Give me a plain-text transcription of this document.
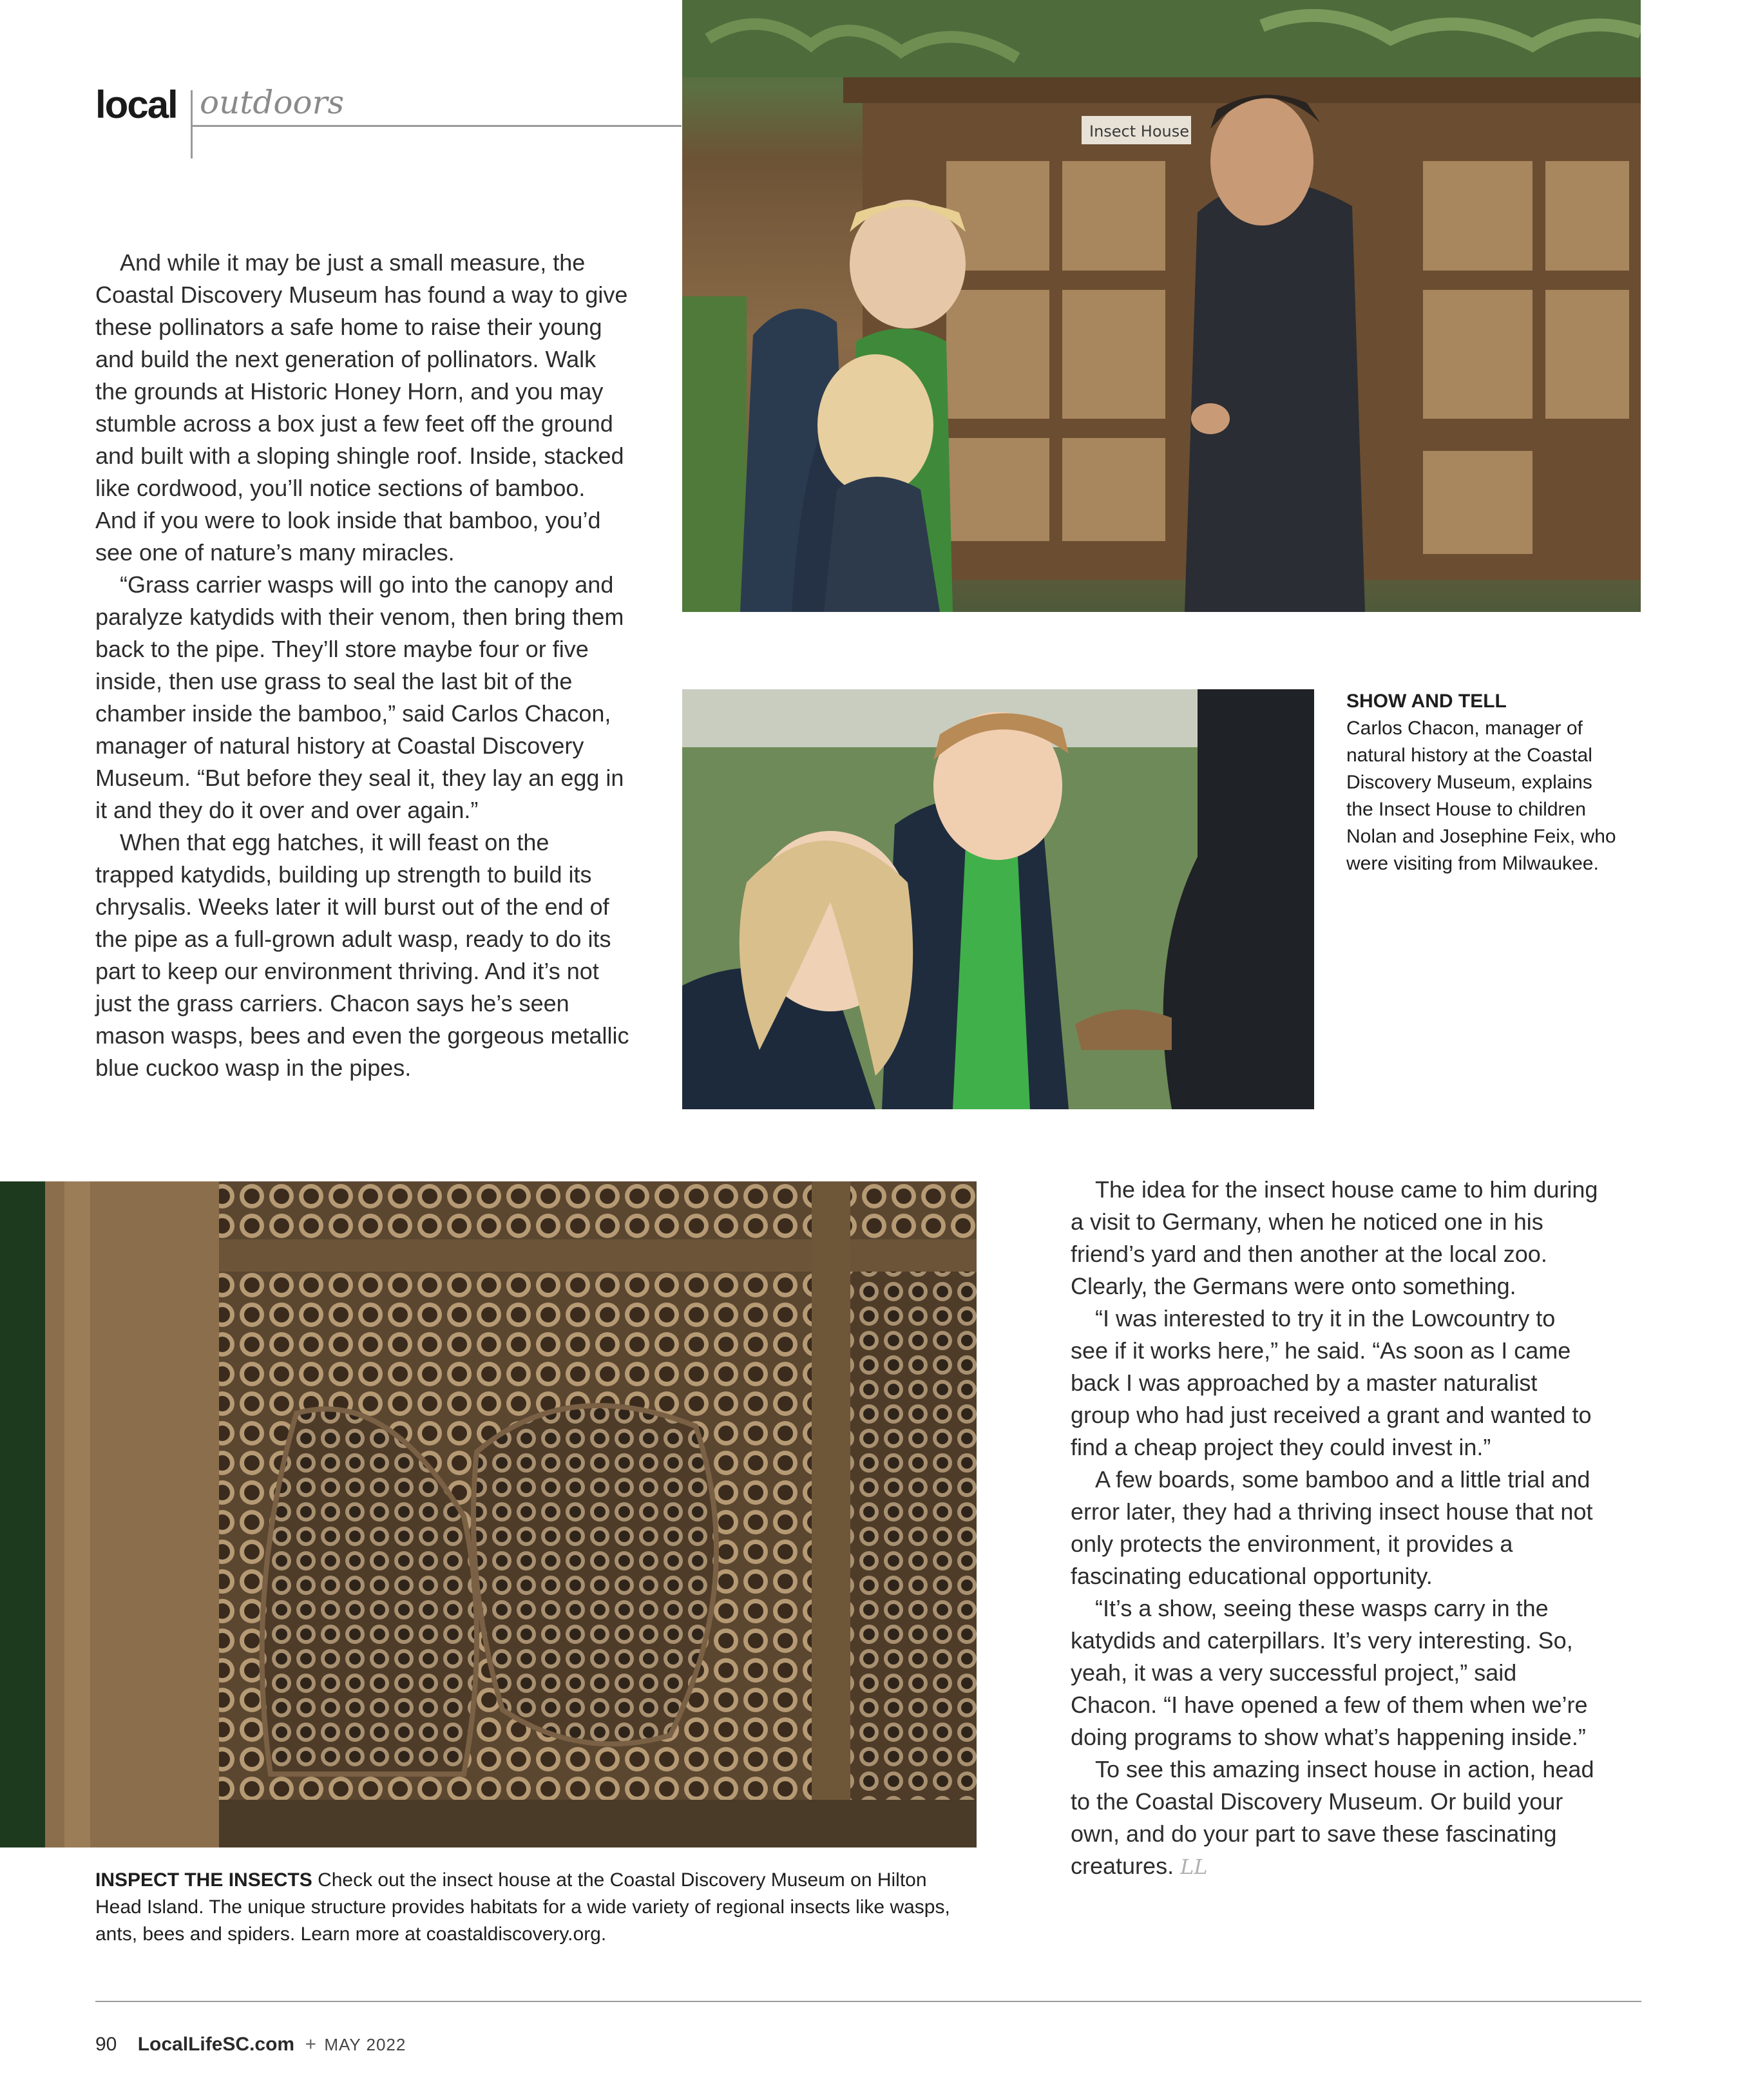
local outdoors

And while it may be just a small measure, the Coastal Discovery Museum has found a way to give these pollinators a safe home to raise their young and build the next generation of pollinators. Walk the grounds at Historic Honey Horn, and you may stumble across a box just a few feet off the ground and built with a sloping shingle roof. Inside, stacked like cordwood, you’ll notice sections of bamboo. And if you were to look inside that bamboo, you’d see one of nature’s many miracles.

“Grass carrier wasps will go into the canopy and paralyze katydids with their venom, then bring them back to the pipe. They’ll store maybe four or five inside, then use grass to seal the last bit of the chamber inside the bamboo,” said Carlos Chacon, manager of natural history at Coastal Discovery Museum. “But before they seal it, they lay an egg in it and they do it over and over again.”

When that egg hatches, it will feast on the trapped katydids, building up strength to build its chrysalis. Weeks later it will burst out of the end of the pipe as a full-grown adult wasp, ready to do its part to keep our environment thriving. And it’s not just the grass carriers. Chacon says he’s seen mason wasps, bees and even the gorgeous metallic blue cuckoo wasp in the pipes.

Insect House
SHOW AND TELL
Carlos Chacon, manager of natural history at the Coastal Discovery Museum, explains the Insect House to children Nolan and Josephine Feix, who were visiting from Milwaukee.
INSPECT THE INSECTS Check out the insect house at the Coastal Discovery Museum on Hilton Head Island. The unique structure provides habitats for a wide variety of regional insects like wasps, ants, bees and spiders. Learn more at coastaldiscovery.org.

The idea for the insect house came to him during a visit to Germany, when he noticed one in his friend’s yard and then another at the local zoo. Clearly, the Germans were onto something.

“I was interested to try it in the Lowcountry to see if it works here,” he said. “As soon as I came back I was approached by a master naturalist group who had just received a grant and wanted to find a cheap project they could invest in.”

A few boards, some bamboo and a little trial and error later, they had a thriving insect house that not only protects the environment, it provides a fascinating educational opportunity.

“It’s a show, seeing these wasps carry in the katydids and caterpillars. It’s very interesting. So, yeah, it was a very successful project,” said Chacon. “I have opened a few of them when we’re doing programs to show what’s happening inside.”

To see this amazing insect house in action, head to the Coastal Discovery Museum. Or build your own, and do your part to save these fascinating creatures. LL

90 LocalLifeSC.com + MAY 2022
